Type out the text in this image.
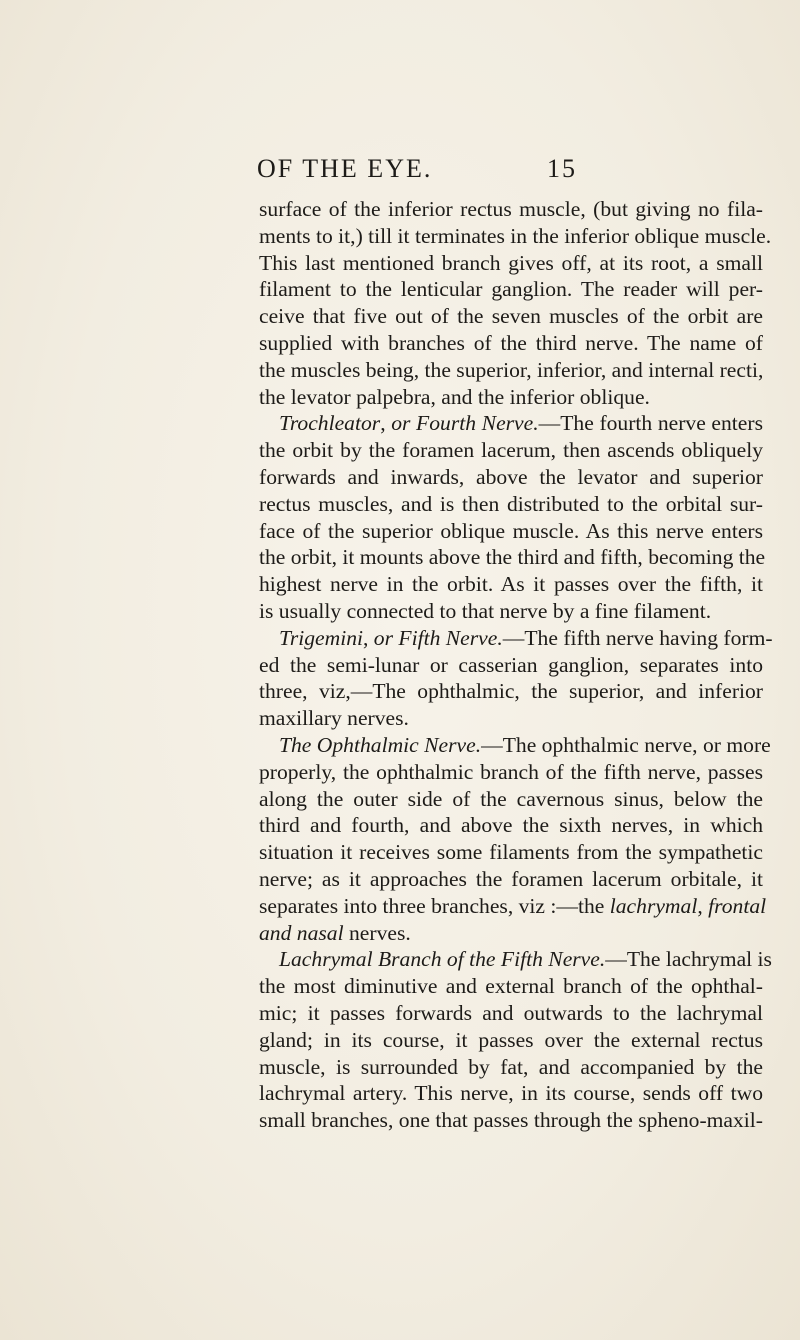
OF THE EYE.	15
surface of the inferior rectus muscle, (but giving no fila-
ments to it,) till it terminates in the inferior oblique muscle.
This last mentioned branch gives off, at its root, a small
filament to the lenticular ganglion. The reader will per-
ceive that five out of the seven muscles of the orbit are
supplied with branches of the third nerve. The name of
the muscles being, the superior, inferior, and internal recti,
the levator palpebra, and the inferior oblique.
Trochleator, or Fourth Nerve.—The fourth nerve enters
the orbit by the foramen lacerum, then ascends obliquely
forwards and inwards, above the levator and superior
rectus muscles, and is then distributed to the orbital sur-
face of the superior oblique muscle. As this nerve enters
the orbit, it mounts above the third and fifth, becoming the
highest nerve in the orbit. As it passes over the fifth, it
is usually connected to that nerve by a fine filament.
Trigemini, or Fifth Nerve.—The fifth nerve having form-
ed the semi-lunar or casserian ganglion, separates into
three, viz,—The ophthalmic, the superior, and inferior
maxillary nerves.
The Ophthalmic Nerve.—The ophthalmic nerve, or more
properly, the ophthalmic branch of the fifth nerve, passes
along the outer side of the cavernous sinus, below the
third and fourth, and above the sixth nerves, in which
situation it receives some filaments from the sympathetic
nerve; as it approaches the foramen lacerum orbitale, it
separates into three branches, viz :—the lachrymal, frontal
and nasal nerves.
Lachrymal Branch of the Fifth Nerve.—The lachrymal is
the most diminutive and external branch of the ophthal-
mic; it passes forwards and outwards to the lachrymal
gland; in its course, it passes over the external rectus
muscle, is surrounded by fat, and accompanied by the
lachrymal artery. This nerve, in its course, sends off two
small branches, one that passes through the spheno-maxil-
